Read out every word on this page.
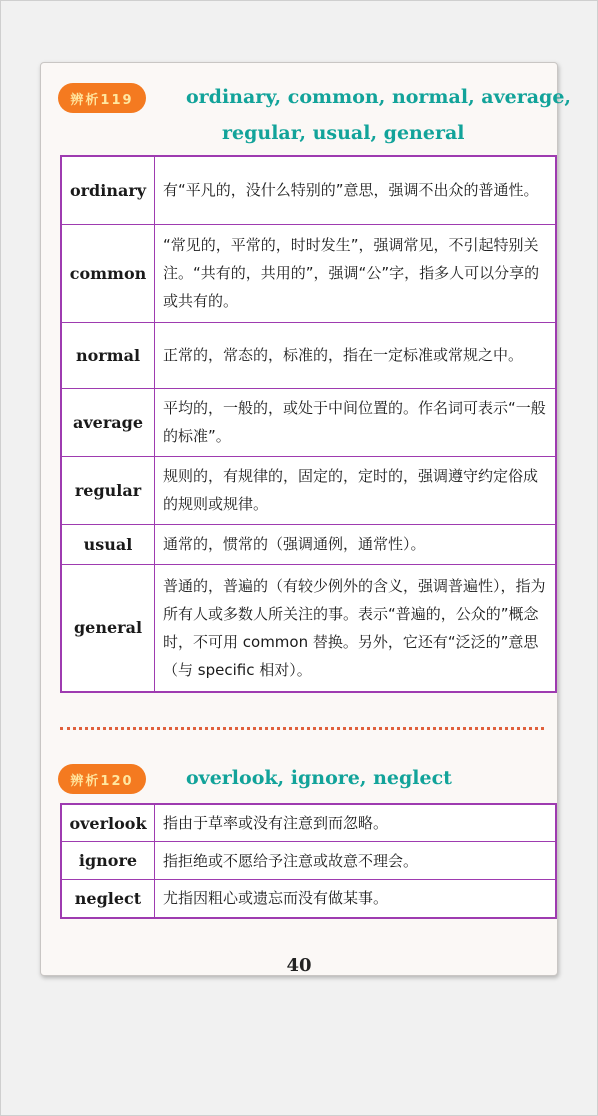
辨析119	ordinary, common, normal, average,
regular, usual, general
ordinary	有“平凡的，没什么特别的”意思，强调不出众的普通性。
common	“常见的，平常的，时时发生”，强调常见，不引起特别关注。“共有的，共用的”，强调“公”字，指多人可以分享的或共有的。
normal	正常的，常态的，标准的，指在一定标准或常规之中。
average	平均的，一般的，或处于中间位置的。作名词可表示“一般的标准”。
regular	规则的，有规律的，固定的，定时的，强调遵守约定俗成的规则或规律。
usual	通常的，惯常的（强调通例，通常性）。
general	普通的，普遍的（有较少例外的含义，强调普遍性），指为所有人或多数人所关注的事。表示“普遍的，公众的”概念时，不可用 common 替换。另外，它还有“泛泛的”意思（与 specific 相对）。
辨析120	overlook, ignore, neglect
overlook	指由于草率或没有注意到而忽略。
ignore	指拒绝或不愿给予注意或故意不理会。
neglect	尤指因粗心或遗忘而没有做某事。
40
